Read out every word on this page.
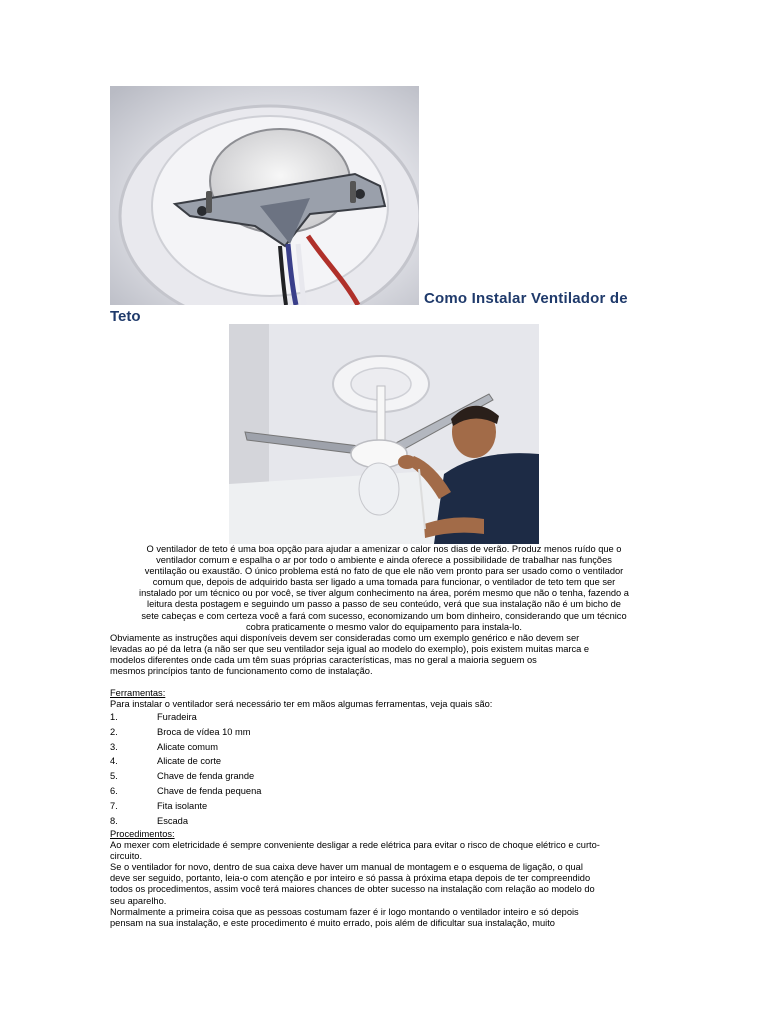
Como Instalar Ventilador de
Teto

O ventilador de teto é uma boa opção para ajudar a amenizar o calor nos dias de verão. Produz menos ruído que o

ventilador comum e espalha o ar por todo o ambiente e ainda oferece a possibilidade de trabalhar nas funções

ventilação ou exaustão. O único problema está no fato de que ele não vem pronto para ser usado como o ventilador

comum que, depois de adquirido basta ser ligado a uma tomada para funcionar, o ventilador de teto tem que ser

instalado por um técnico ou por você, se tiver algum conhecimento na área, porém mesmo que não o tenha, fazendo a

leitura desta postagem e seguindo um passo a passo de seu conteúdo, verá que sua instalação não é um bicho de

sete cabeças e com certeza você a fará com sucesso, economizando um bom dinheiro, considerando que um técnico

cobra praticamente o mesmo valor do equipamento para instala-lo.

Obviamente as instruções aqui disponíveis devem ser consideradas como um exemplo genérico e não devem ser

levadas ao pé da letra (a não ser que seu ventilador seja igual ao modelo do exemplo), pois existem muitas marca e

modelos diferentes onde cada um têm suas próprias características, mas no geral a maioria seguem os

mesmos princípios tanto de funcionamento como de instalação.

Ferramentas:

Para instalar o ventilador será necessário ter em mãos algumas ferramentas, veja quais são:

1.	Furadeira
2.	Broca de vídea 10 mm
3.	Alicate comum
4.	Alicate de corte
5.	Chave de fenda grande
6.	Chave de fenda pequena
7.	Fita isolante
8.	Escada

Procedimentos:

Ao mexer com eletricidade é sempre conveniente desligar a rede elétrica para evitar o risco de choque elétrico e curto-

circuito.

Se o ventilador for novo, dentro de sua caixa deve haver um manual de montagem e o esquema de ligação, o qual

deve ser seguido, portanto, leia-o com atenção e por inteiro e só passa à próxima etapa depois de ter compreendido

todos os procedimentos, assim você terá maiores chances de obter sucesso na instalação com relação ao modelo do

seu aparelho.

Normalmente a primeira coisa que as pessoas costumam fazer é ir logo montando o ventilador inteiro e só depois

pensam na sua instalação, e este procedimento é muito errado, pois além de dificultar sua instalação, muito
